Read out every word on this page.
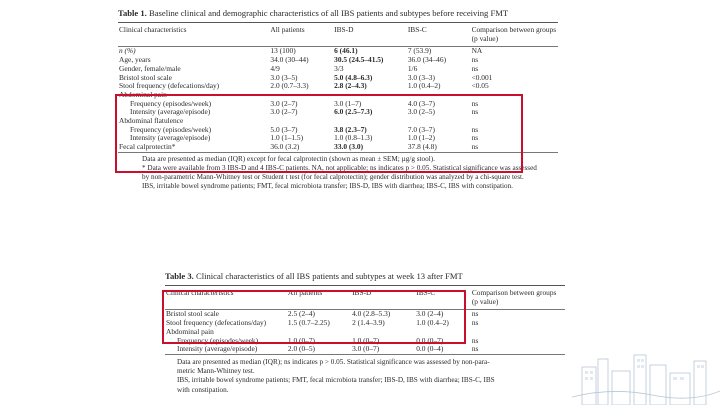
Table 1. Baseline clinical and demographic characteristics of all IBS patients and subtypes before receiving FMT
Clinical characteristics	All patients	IBS-D	IBS-C	Comparison between groups (p value)

n (%)	13 (100)	6 (46.1)	7 (53.9)	NA
Age, years	34.0 (30–44)	30.5 (24.5–41.5)	36.0 (34–46)	ns
Gender, female/male	4/9	3/3	1/6	ns
Bristol stool scale	3.0 (3–5)	5.0 (4.8–6.3)	3.0 (3–3)	<0.001
Stool frequency (defecations/day)	2.0 (0.7–3.3)	2.8 (2–4.3)	1.0 (0.4–2)	<0.05
Abdominal pain				
Frequency (episodes/week)	3.0 (2–7)	3.0 (1–7)	4.0 (3–7)	ns
Intensity (average/episode)	3.0 (2–7)	6.0 (2.5–7.3)	3.0 (2–5)	ns
Abdominal flatulence				
Frequency (episodes/week)	5.0 (3–7)	3.8 (2.3–7)	7.0 (3–7)	ns
Intensity (average/episode)	1.0 (1–1.5)	1.0 (0.8–1.3)	1.0 (1–2)	ns
Fecal calprotectin*	36.0 (3.2)	33.0 (3.0)	37.8 (4.8)	ns
Data are presented as median (IQR) except for fecal calprotectin (shown as mean ± SEM; µg/g stool).
* Data were available from 3 IBS-D and 4 IBS-C patients. NA, not applicable; ns indicates p > 0.05. Statistical significance was assessed
by non-parametric Mann-Whitney test or Student t test (for fecal calprotectin); gender distribution was analyzed by a chi-square test.
IBS, irritable bowel syndrome patients; FMT, fecal microbiota transfer; IBS-D, IBS with diarrhea; IBS-C, IBS with constipation.
Table 3. Clinical characteristics of all IBS patients and subtypes at week 13 after FMT
Clinical characteristics	All patients	IBS-D	IBS-C	Comparison between groups (p value)

Bristol stool scale	2.5 (2–4)	4.0 (2.8–5.3)	3.0 (2–4)	ns
Stool frequency (defecations/day)	1.5 (0.7–2.25)	2 (1.4–3.9)	1.0 (0.4–2)	ns
Abdominal pain				
Frequency (episodes/week)	1.0 (0–7)	1.0 (0–7)	0.0 (0–7)	ns
Intensity (average/episode)	2.0 (0–5)	3.0 (0–7)	0.0 (0–4)	ns
Data are presented as median (IQR); ns indicates p > 0.05. Statistical significance was assessed by non-para-
metric Mann-Whitney test.
IBS, irritable bowel syndrome patients; FMT, fecal microbiota transfer; IBS-D, IBS with diarrhea; IBS-C, IBS
with constipation.
